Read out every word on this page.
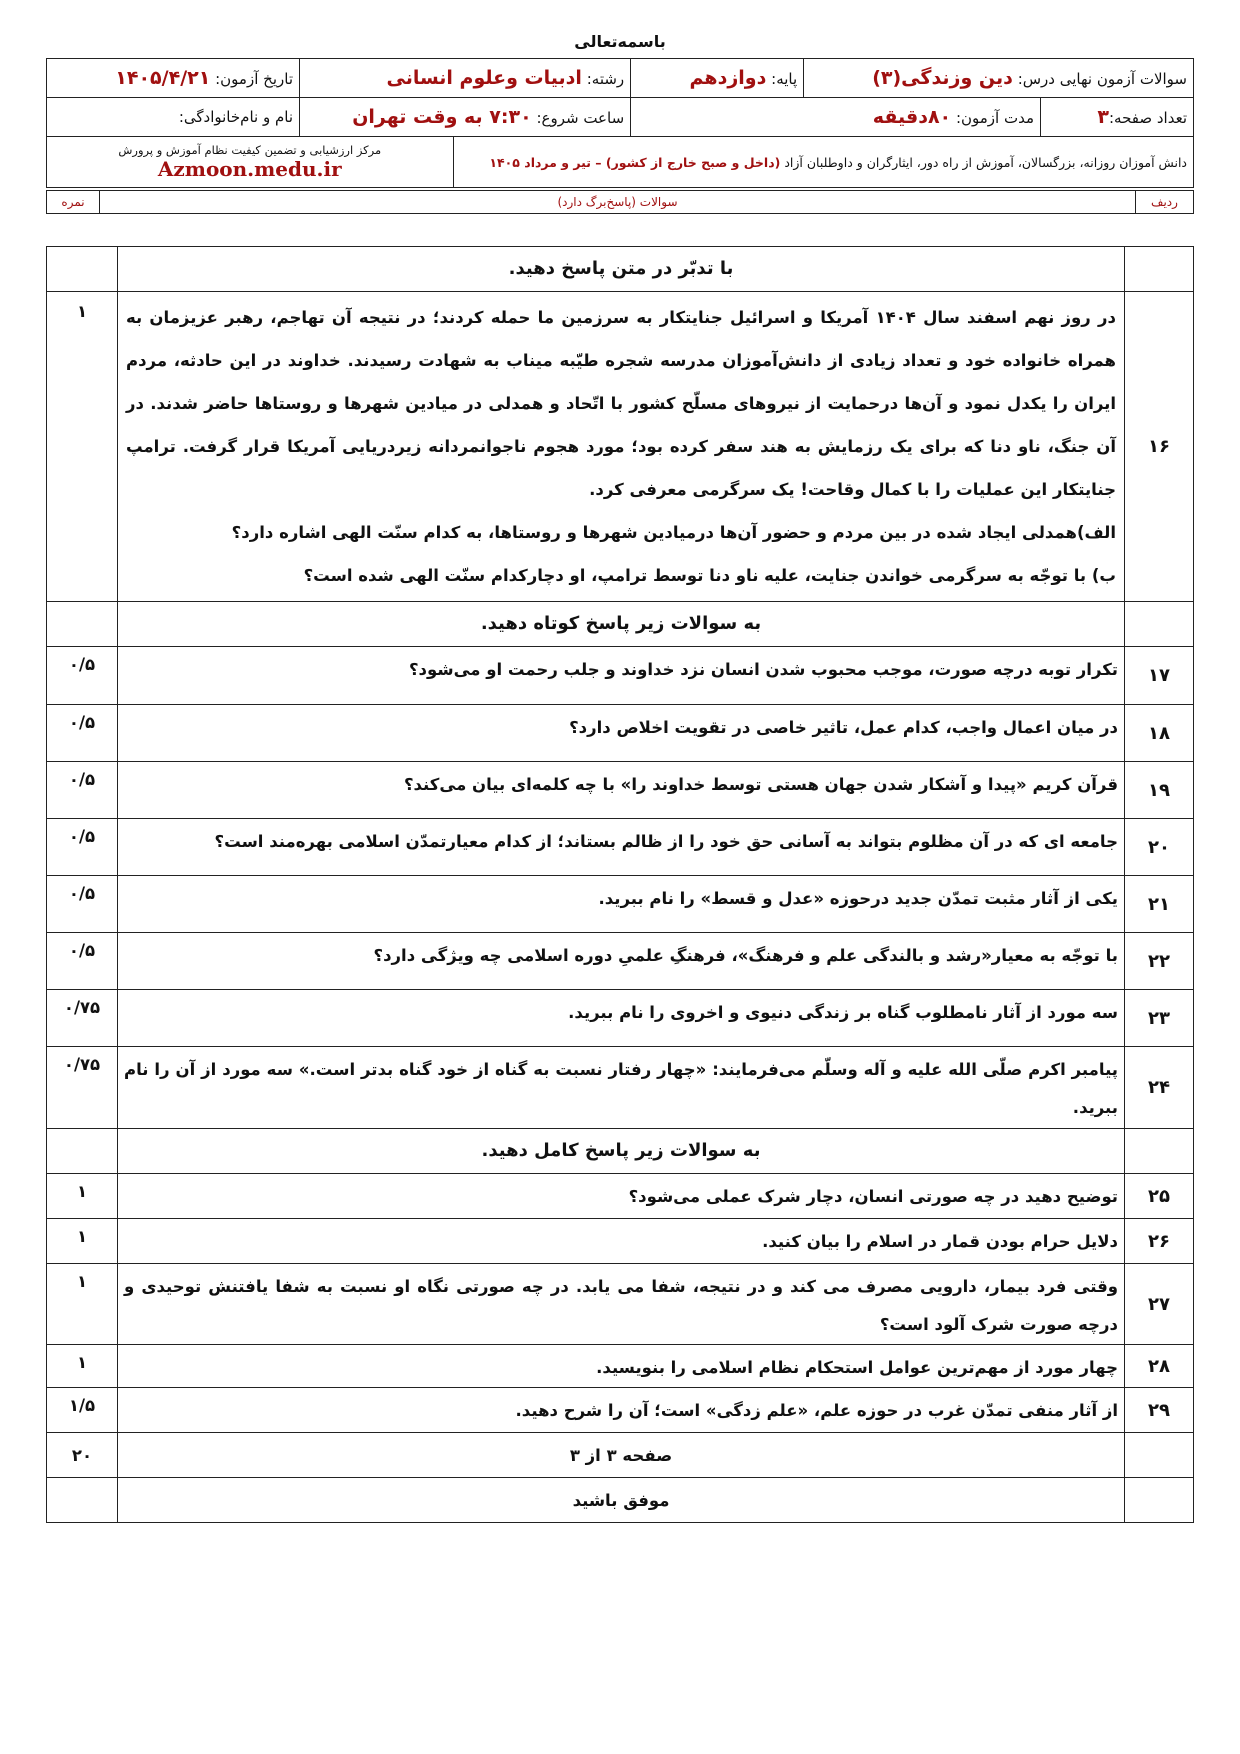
باسمه‌تعالی
سوالات آزمون نهایی درس: دین وزندگی(۳)		پایه: دوازدهم	رشته: ادبیات وعلوم انسانی		تاریخ آزمون: ۱۴۰۵/۴/۲۱
تعداد صفحه:۳	مدت آزمون: ۸۰دقیقه		ساعت شروع: ۷:۳۰ به وقت تهران		نام و نام‌خانوادگی:
دانش آموزان روزانه، بزرگسالان، آموزش از راه دور، ایثارگران و داوطلبان آزاد (داخل و صبح خارج از کشور) – تیر و مرداد ۱۴۰۵				مرکز ارزشیابی و تضمین کیفیت نظام آموزش و پرورش
Azmoon.medu.ir	
ردیف	سوالات (پاسخ‌برگ دارد)	نمره
	با تدبّر در متن پاسخ دهید.	
۱۶	در روز نهم اسفند سال ۱۴۰۴ آمریکا و اسرائیل جنایتکار به سرزمین ما حمله کردند؛ در نتیجه آن تهاجم، رهبر عزیزمان به همراه خانواده خود و تعداد زیادی از دانش‌آموزان مدرسه شجره طیّبه میناب به شهادت رسیدند. خداوند در این حادثه، مردم ایران را یکدل نمود و آن‌ها درحمایت از نیروهای مسلّح کشور با اتّحاد و همدلی در میادین شهرها و روستاها حاضر شدند. در آن جنگ، ناو دنا که برای یک رزمایش به هند سفر کرده بود؛ مورد هجوم ناجوانمردانه زیردریایی آمریکا قرار گرفت. ترامپ جنایتکار این عملیات را با کمال وقاحت! یک سرگرمی معرفی کرد.
الف)همدلی ایجاد شده در بین مردم و حضور آن‌ها درمیادین شهرها و روستاها، به کدام سنّت الهی اشاره دارد؟
ب) با توجّه به سرگرمی خواندن جنایت، علیه ناو دنا توسط ترامپ، او دچارکدام سنّت الهی شده است؟	۱
	به سوالات زیر پاسخ کوتاه دهید.	
۱۷	تکرار توبه درچه صورت، موجب محبوب شدن انسان نزد خداوند و جلب رحمت او می‌شود؟	۰/۵
۱۸	در میان اعمال واجب، کدام عمل، تاثیر خاصی در تقویت اخلاص دارد؟	۰/۵
۱۹	قرآن کریم «پیدا و آشکار شدن جهان هستی توسط خداوند را» با چه کلمه‌ای بیان می‌کند؟	۰/۵
۲۰	جامعه ای که در آن مظلوم بتواند به آسانی حق خود را از ظالم بستاند؛ از کدام معیارتمدّن اسلامی بهره‌مند است؟	۰/۵
۲۱	یکی از آثار مثبت تمدّن جدید درحوزه «عدل و قسط» را نام ببرید.	۰/۵
۲۲	با توجّه به معیار«رشد و بالندگی علم و فرهنگ»، فرهنگِ علمیِ دوره اسلامی چه ویژگی دارد؟	۰/۵
۲۳	سه مورد از آثار نامطلوب گناه بر زندگی دنیوی و اخروی را نام ببرید.	۰/۷۵
۲۴	پیامبر اکرم صلّی الله علیه و آله وسلّم می‌فرمایند: «چهار رفتار نسبت به گناه از خود گناه بدتر است.» سه مورد از آن را نام ببرید.	۰/۷۵
	به سوالات زیر پاسخ کامل دهید.	
۲۵	توضیح دهید در چه صورتی انسان، دچار شرک عملی می‌شود؟	۱
۲۶	دلایل حرام بودن قمار در اسلام را بیان کنید.	۱
۲۷	وقتی فرد بیمار، دارویی مصرف می کند و در نتیجه، شفا می یابد. در چه صورتی نگاه او نسبت به شفا یافتنش توحیدی و درچه صورت شرک آلود است؟	۱
۲۸	چهار مورد از مهم‌ترین عوامل استحکام نظام اسلامی را بنویسید.	۱
۲۹	از آثار منفی تمدّن غرب در حوزه علم، «علم زدگی» است؛ آن را شرح دهید.	۱/۵
	صفحه ۳ از ۳	۲۰
	موفق باشید	
